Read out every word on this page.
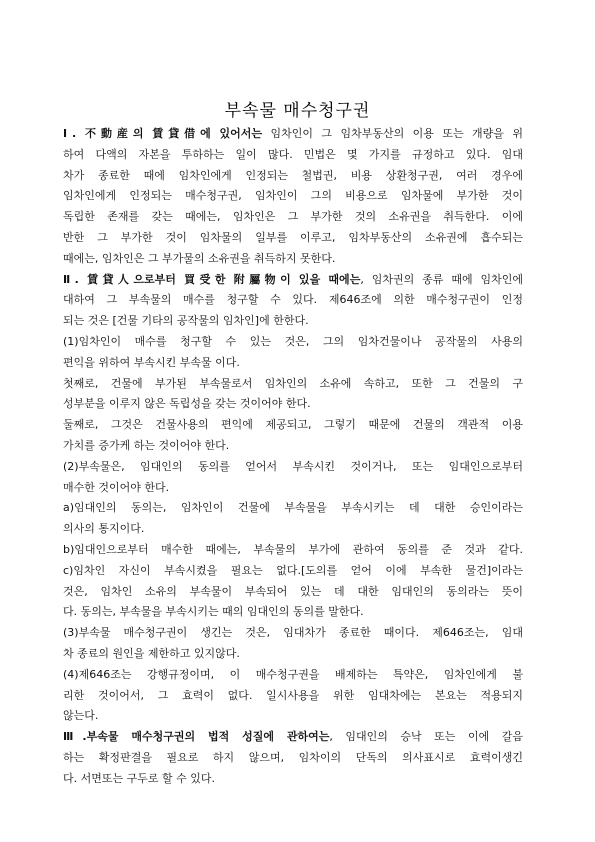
부속물 매수청구권
Ⅰ. 不動産의 賃貸借에 있어서는 임차인이 그 임차부동산의 이용 또는 개량을 위
하여 다액의 자본을 투하하는 일이 많다. 민법은 몇 가지를 규정하고 있다. 임대
차가 종료한 때에 임차인에게 인정되는 철법권, 비용 상환청구권, 여러 경우에
임차인에게 인정되는 매수청구권, 임차인이 그의 비용으로 임차물에 부가한 것이
독립한 존재를 갖는 때에는, 임차인은 그 부가한 것의 소유권을 취득한다. 이에
반한 그 부가한 것이 임차물의 일부를 이루고, 임차부동산의 소유권에 흡수되는
때에는, 임차인은 그 부가물의 소유권을 취득하지 못한다.
Ⅱ. 賃貸人으로부터 買受한 附屬物이 있을 때에는, 임차권의 종류 때에 임차인에
대하여 그 부속물의 매수를 청구할 수 있다. 제646조에 의한 매수청구권이 인정
되는 것은 [건물 기타의 공작물의 임차인]에 한한다.
(1)임차인이 매수를 청구할 수 있는 것은, 그의 임차건물이나 공작물의 사용의
편익을 위하여 부속시킨 부속물 이다.
첫째로, 건물에 부가된 부속물로서 임차인의 소유에 속하고, 또한 그 건물의 구
성부분을 이루지 않은 독립성을 갖는 것이어야 한다.
둘째로, 그것은 건물사용의 편익에 제공되고, 그렇기 때문에 건물의 객관적 이용
가치를 증가케 하는 것이어야 한다.
(2)부속물은, 임대인의 동의를 얻어서 부속시킨 것이거나, 또는 임대인으로부터
매수한 것이어야 한다.
a)임대인의 동의는, 임차인이 건물에 부속물을 부속시키는 데 대한 승인이라는
의사의 통지이다.
b)임대인으로부터 매수한 때에는, 부속물의 부가에 관하여 동의를 준 것과 같다.
c)임차인 자신이 부속시켰을 필요는 없다.[도의를 얻어 이에 부속한 물건]이라는
것은, 임차인 소유의 부속물이 부속되어 있는 데 대한 임대인의 동의라는 뜻이
다. 동의는, 부속물을 부속시키는 때의 임대인의 동의를 말한다.
(3)부속물 매수청구권이 생긴는 것은, 임대차가 종료한 때이다. 제646조는, 임대
차 종료의 원인을 제한하고 있지않다.
(4)제646조는 강행규정이며, 이 매수청구권을 배제하는 특약은, 임차인에게 불
리한 것이어서, 그 효력이 없다. 일시사용을 위한 임대차에는 본요는 적용되지
않는다.
Ⅲ.부속물 매수청구권의 법적 성질에 관하여는, 임대인의 승낙 또는 이에 갈음
하는 확정판결을 필요로 하지 않으며, 임차이의 단독의 의사표시로 효력이생긴
다. 서면또는 구두로 할 수 있다.
